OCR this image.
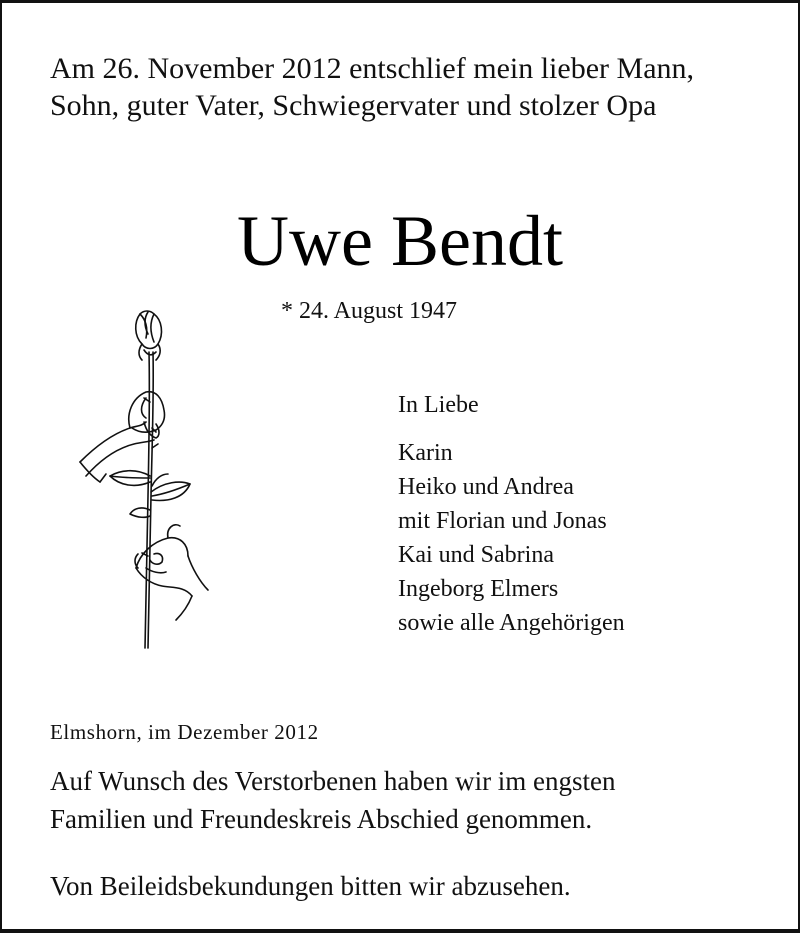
Am 26. November 2012 entschlief mein lieber Mann,
Sohn, guter Vater, Schwiegervater und stolzer Opa
Uwe Bendt
* 24. August 1947
In Liebe
Karin
Heiko und Andrea
mit Florian und Jonas
Kai und Sabrina
Ingeborg Elmers
sowie alle Angehörigen
Elmshorn, im Dezember 2012
Auf Wunsch des Verstorbenen haben wir im engsten
Familien und Freundeskreis Abschied genommen.
Von Beileidsbekundungen bitten wir abzusehen.
